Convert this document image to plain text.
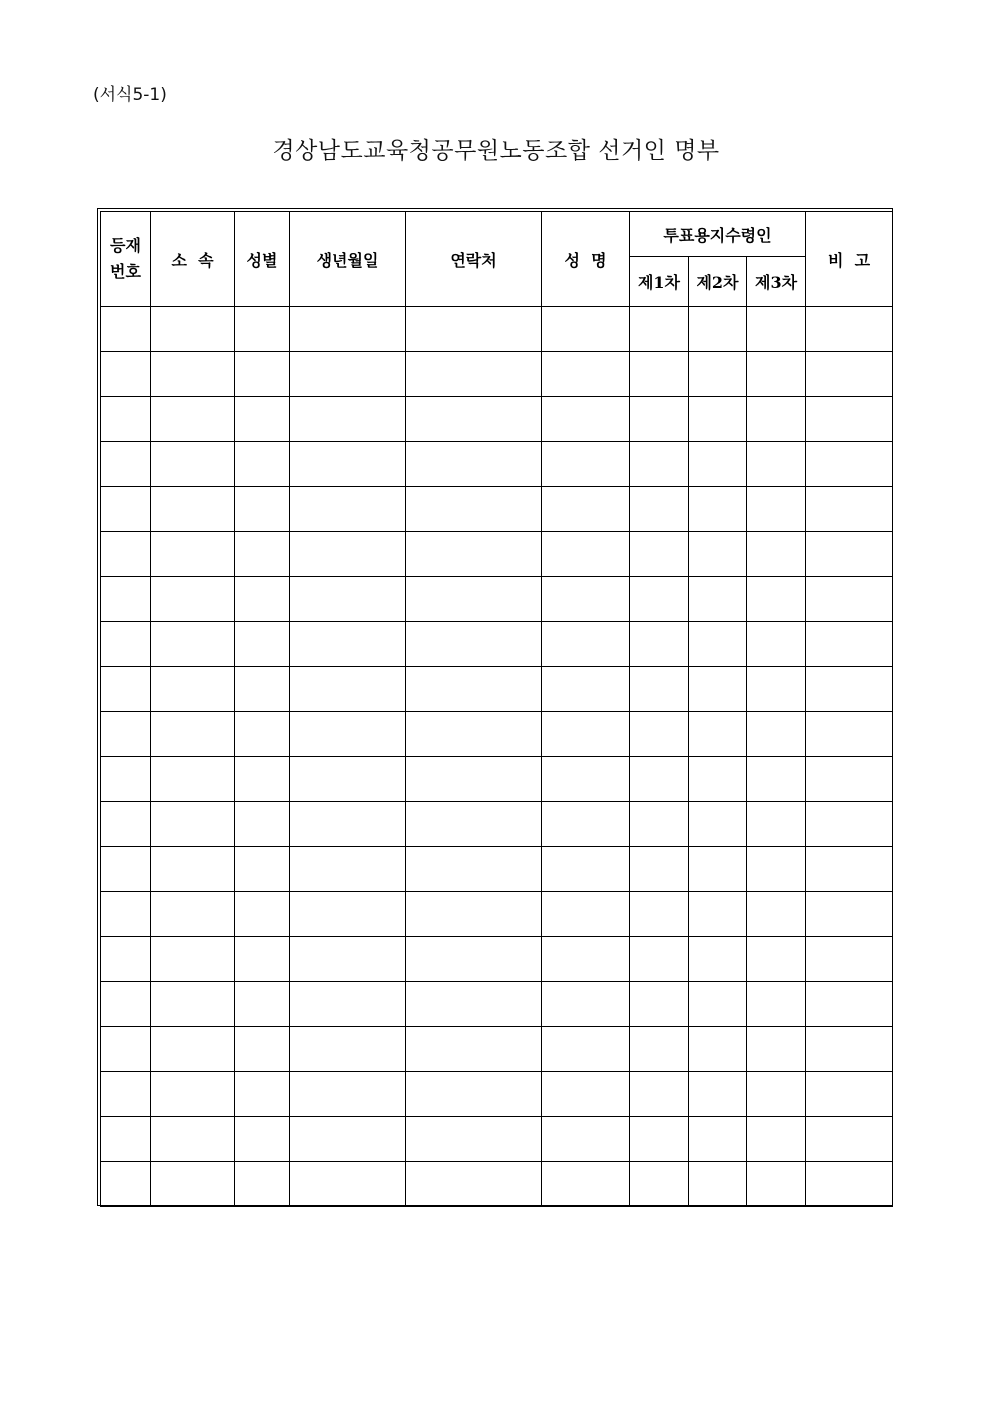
(서식5-1)
경상남도교육청공무원노동조합 선거인 명부
등재
번호	소  속	성별	생년월일	연락처	성  명	투표용지수령인			비  고
						제1차	제2차	제3차	
